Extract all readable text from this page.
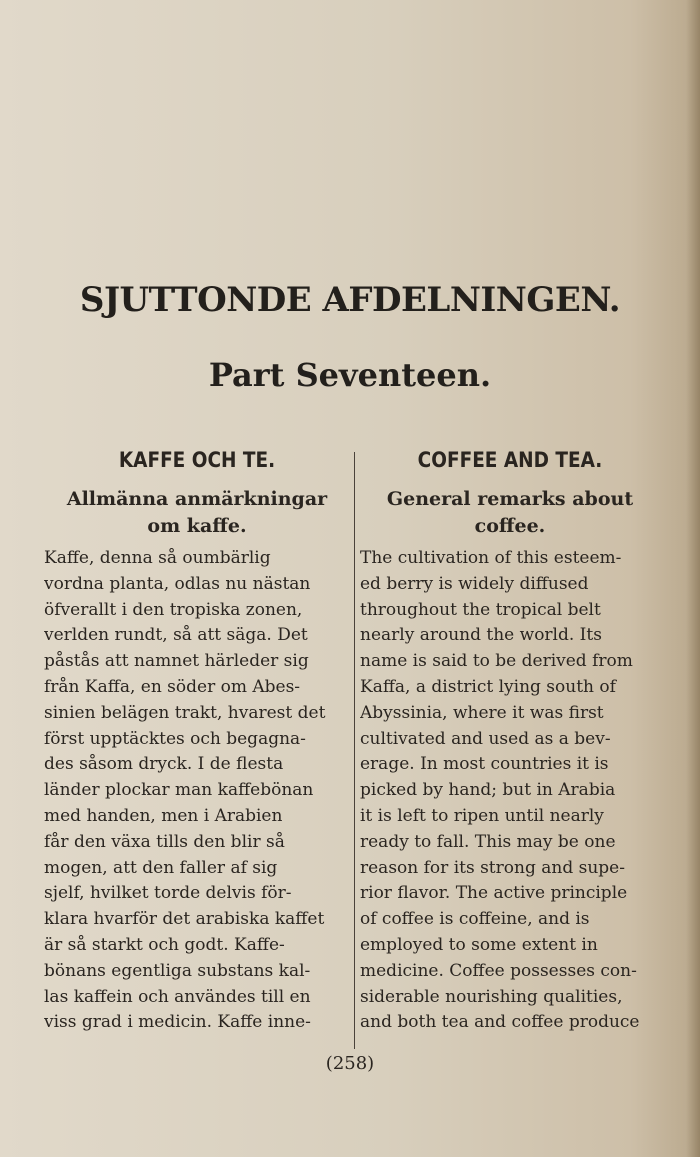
SJUTTONDE AFDELNINGEN.
Part Seventeen.
KAFFE OCH TE.
Allmänna anmärkningar
om kaffe.
Kaffe, denna så oumbärlig
vordna planta, odlas nu nästan
öfverallt i den tropiska zonen,
verlden rundt, så att säga. Det
påstås att namnet härleder sig
från Kaffa, en söder om Abes-
sinien belägen trakt, hvarest det
först upptäcktes och begagna-
des såsom dryck. I de flesta
länder plockar man kaffebönan
med handen, men i Arabien
får den växa tills den blir så
mogen, att den faller af sig
sjelf, hvilket torde delvis för-
klara hvarför det arabiska kaffet
är så starkt och godt. Kaffe-
bönans egentliga substans kal-
las kaffein och användes till en
viss grad i medicin. Kaffe inne-
COFFEE AND TEA.
General remarks about
coffee.
The cultivation of this esteem-
ed berry is widely diffused
throughout the tropical belt
nearly around the world. Its
name is said to be derived from
Kaffa, a district lying south of
Abyssinia, where it was first
cultivated and used as a bev-
erage. In most countries it is
picked by hand; but in Arabia
it is left to ripen until nearly
ready to fall. This may be one
reason for its strong and supe-
rior flavor. The active principle
of coffee is coffeine, and is
employed to some extent in
medicine. Coffee possesses con-
siderable nourishing qualities,
and both tea and coffee produce
(258)
